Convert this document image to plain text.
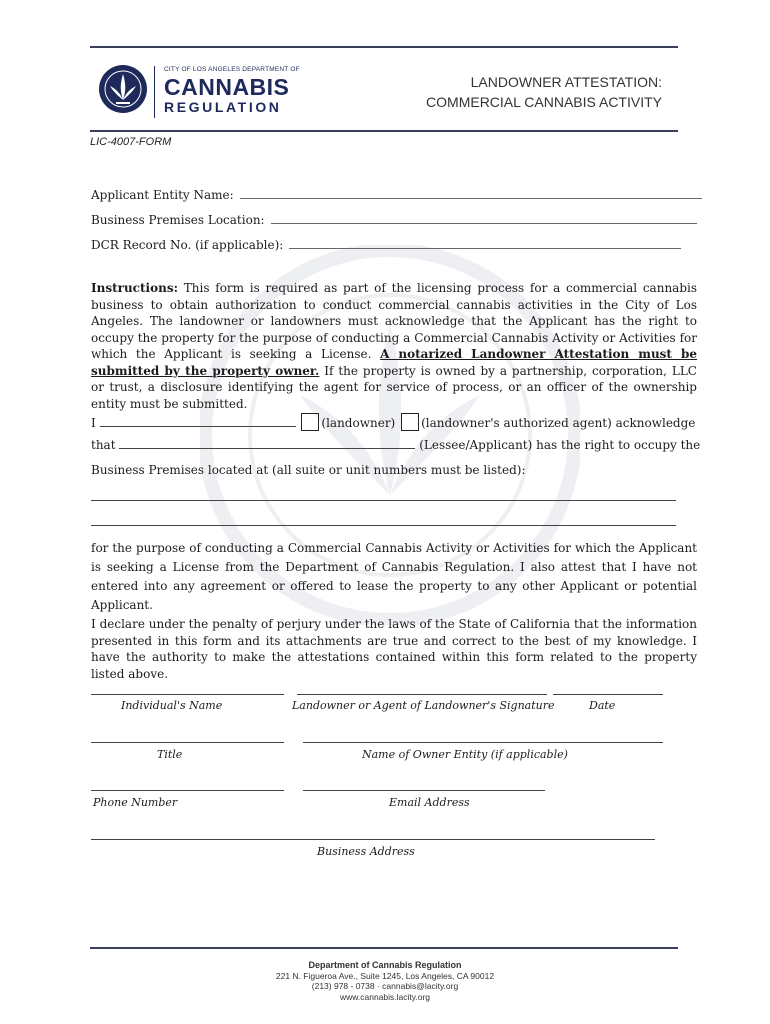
CITY OF LOS ANGELES DEPARTMENT OF
CANNABIS
REGULATION
LANDOWNER ATTESTATION:
COMMERCIAL CANNABIS ACTIVITY
LIC-4007-FORM
Applicant Entity Name:
Business Premises Location:
DCR Record No. (if applicable):
Instructions: This form is required as part of the licensing process for a commercial cannabis business to obtain authorization to conduct commercial cannabis activities in the City of Los Angeles. The landowner or landowners must acknowledge that the Applicant has the right to occupy the property for the purpose of conducting a Commercial Cannabis Activity or Activities for which the Applicant is seeking a License. A notarized Landowner Attestation must be submitted by the property owner. If the property is owned by a partnership, corporation, LLC or trust, a disclosure identifying the agent for service of process, or an officer of the ownership entity must be submitted.
I	(landowner) (landowner's authorized agent) acknowledge
that	(Lessee/Applicant) has the right to occupy the
Business Premises located at (all suite or unit numbers must be listed):
for the purpose of conducting a Commercial Cannabis Activity or Activities for which the Applicant is seeking a License from the Department of Cannabis Regulation. I also attest that I have not entered into any agreement or offered to lease the property to any other Applicant or potential Applicant.
I declare under the penalty of perjury under the laws of the State of California that the information presented in this form and its attachments are true and correct to the best of my knowledge. I have the authority to make the attestations contained within this form related to the property listed above.
Individual's Name	Landowner or Agent of Landowner's Signature	Date
Title	Name of Owner Entity (if applicable)
Phone Number	Email Address
Business Address
Department of Cannabis Regulation
221 N. Figueroa Ave., Suite 1245, Los Angeles, CA 90012
(213) 978 - 0738 · cannabis@lacity.org
www.cannabis.lacity.org
